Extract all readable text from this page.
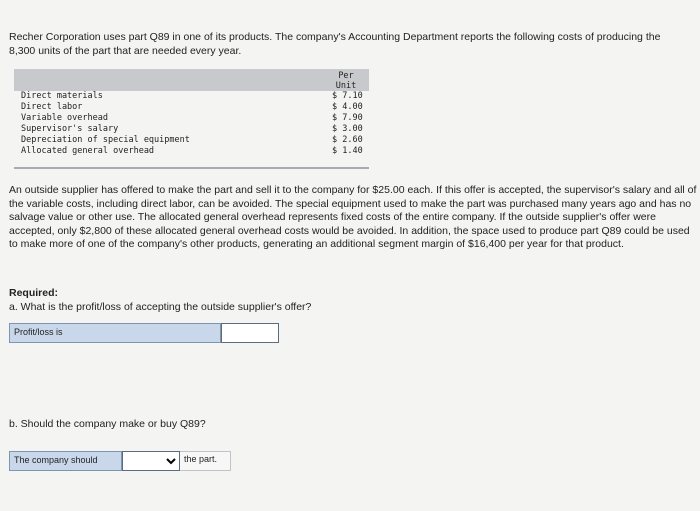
Recher Corporation uses part Q89 in one of its products. The company's Accounting Department reports the following costs of producing the 8,300 units of the part that are needed every year.

Per
Unit
Direct materials	$ 7.10
Direct labor	$ 4.00
Variable overhead	$ 7.90
Supervisor's salary	$ 3.00
Depreciation of special equipment	$ 2.60
Allocated general overhead	$ 1.40

An outside supplier has offered to make the part and sell it to the company for $25.00 each. If this offer is accepted, the supervisor's salary and all of the variable costs, including direct labor, can be avoided. The special equipment used to make the part was purchased many years ago and has no salvage value or other use. The allocated general overhead represents fixed costs of the entire company. If the outside supplier's offer were accepted, only $2,800 of these allocated general overhead costs would be avoided. In addition, the space used to produce part Q89 could be used to make more of one of the company's other products, generating an additional segment margin of $16,400 per year for that product.

Required:
a. What is the profit/loss of accepting the outside supplier's offer?
Profit/loss is
b. Should the company make or buy Q89?
The company should	the part.
